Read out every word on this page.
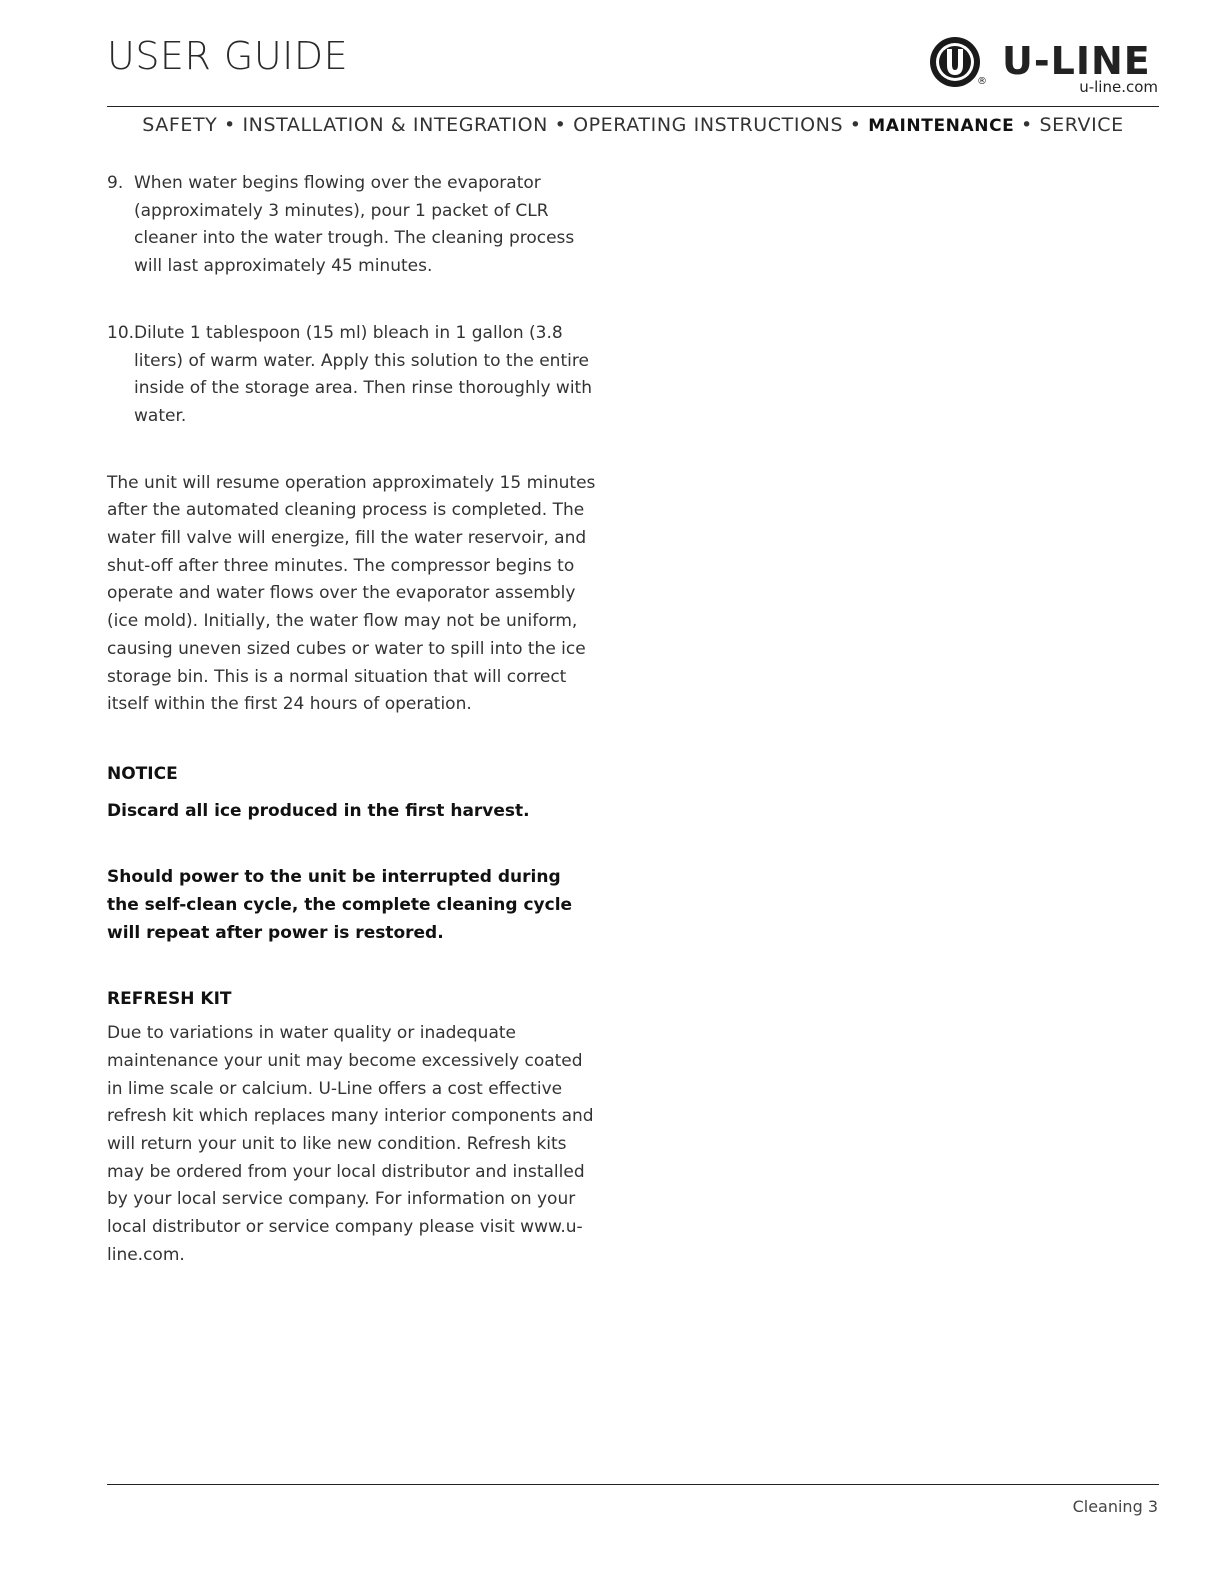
USER GUIDE
® U-LINE
u-line.com
SAFETY • INSTALLATION & INTEGRATION • OPERATING INSTRUCTIONS • MAINTENANCE • SERVICE
9. When water begins flowing over the evaporator (approximately 3 minutes), pour 1 packet of CLR cleaner into the water trough. The cleaning process will last approximately 45 minutes.
10. Dilute 1 tablespoon (15 ml) bleach in 1 gallon (3.8 liters) of warm water. Apply this solution to the entire inside of the storage area. Then rinse thoroughly with water.

The unit will resume operation approximately 15 minutes after the automated cleaning process is completed. The water fill valve will energize, fill the water reservoir, and shut-off after three minutes. The compressor begins to operate and water flows over the evaporator assembly (ice mold). Initially, the water flow may not be uniform, causing uneven sized cubes or water to spill into the ice storage bin. This is a normal situation that will correct itself within the first 24 hours of operation.

NOTICE

Discard all ice produced in the first harvest.

Should power to the unit be interrupted during the self-clean cycle, the complete cleaning cycle will repeat after power is restored.

REFRESH KIT

Due to variations in water quality or inadequate maintenance your unit may become excessively coated in lime scale or calcium. U-Line offers a cost effective refresh kit which replaces many interior components and will return your unit to like new condition. Refresh kits may be ordered from your local distributor and installed by your local service company. For information on your local distributor or service company please visit www.u-line.com.

Cleaning 3
